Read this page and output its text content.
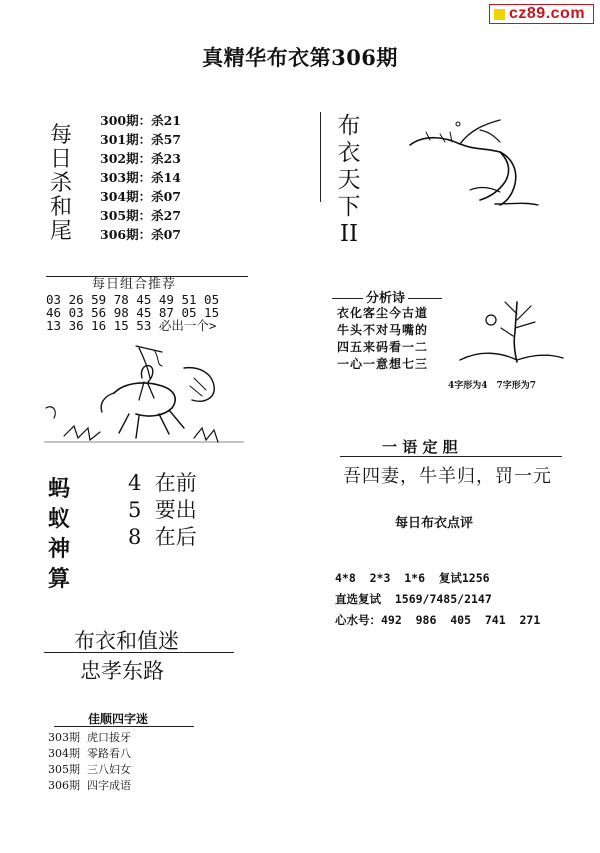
cz89.com
真精华布衣第306期
每
日
杀
和
尾
300期：杀21
301期：杀57
302期：杀23
303期：杀14
304期：杀07
305期：杀27
306期：杀07
布
衣
天
下
II
每日组合推荐
03 26 59 78 45 49 51 05
46 03 56 98 45 87 05 15
13 36 16 15 53 必出一个>
分析诗
衣化客尘今古道
牛头不对马嘴的
四五来码看一二
一心一意想七三
4字形为4　7字形为7
一 语 定 胆
吾四妻，牛羊归，罚一元
蚂
蚁
神
算
4  在前
5  要出
8  在后
每日布衣点评
4*8  2*3  1*6  复试1256
直选复试  1569/7485/2147
心水号：492  986  405  741  271
布衣和值迷
忠孝东路
佳顺四字迷
303期  虎口拔牙
304期  零路看八
305期  三八妇女
306期  四字成语
